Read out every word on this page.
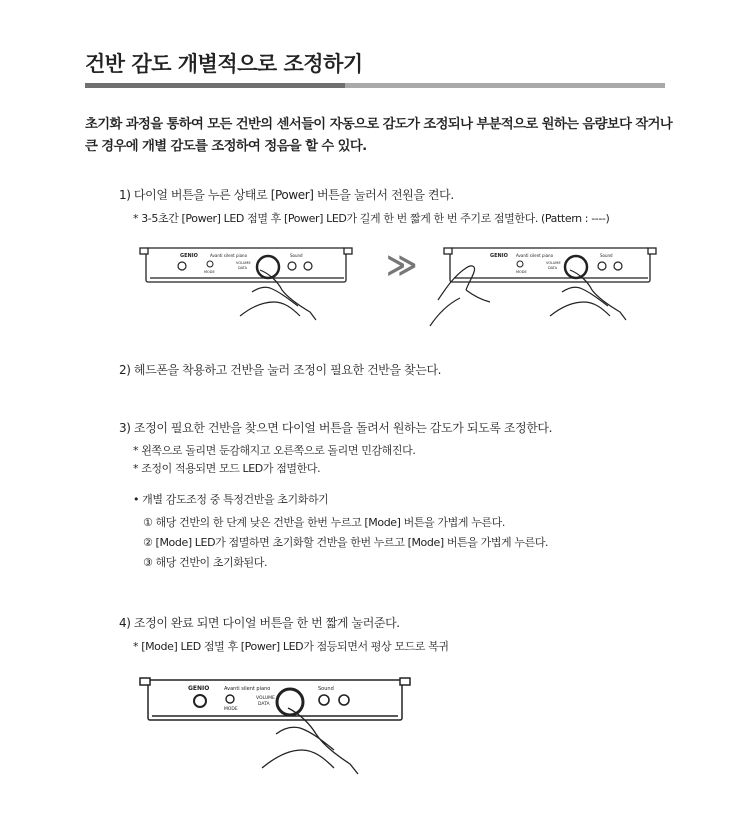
건반 감도 개별적으로 조정하기
초기화 과정을 통하여 모든 건반의 센서들이 자동으로 감도가 조정되나 부분적으로 원하는 음량보다 작거나 큰 경우에 개별 감도를 조정하여 정음을 할 수 있다.
1) 다이얼 버튼을 누른 상태로 [Power] 버튼을 눌러서 전원을 켠다.
* 3-5초간 [Power] LED 점멸 후 [Power] LED가 길게 한 번 짧게 한 번 주기로 점멸한다. (Pattern : ----)
GENIO	Avanti silent piano
MODE
VOLUME
DATA
Sound	≫	GENIO Avanti silent piano
MODE
VOLUME
DATA
Sound
2) 헤드폰을 착용하고 건반을 눌러 조정이 필요한 건반을 찾는다.
3) 조정이 필요한 건반을 찾으면 다이얼 버튼을 돌려서 원하는 감도가 되도록 조정한다.
* 왼쪽으로 돌리면 둔감해지고 오른쪽으로 돌리면 민감해진다.
* 조정이 적용되면 모드 LED가 점멸한다.
• 개별 감도조정 중 특정건반을 초기화하기
① 해당 건반의 한 단계 낮은 건반을 한번 누르고 [Mode] 버튼을 가볍게 누른다.
② [Mode] LED가 점멸하면 초기화할 건반을 한번 누르고 [Mode] 버튼을 가볍게 누른다.
③ 해당 건반이 초기화된다.
4) 조정이 완료 되면 다이얼 버튼을 한 번 짧게 눌러준다.
* [Mode] LED 점멸 후 [Power] LED가 점등되면서 평상 모드로 복귀
GENIO	Avanti silent piano
MODE
VOLUME
DATA
Sound
